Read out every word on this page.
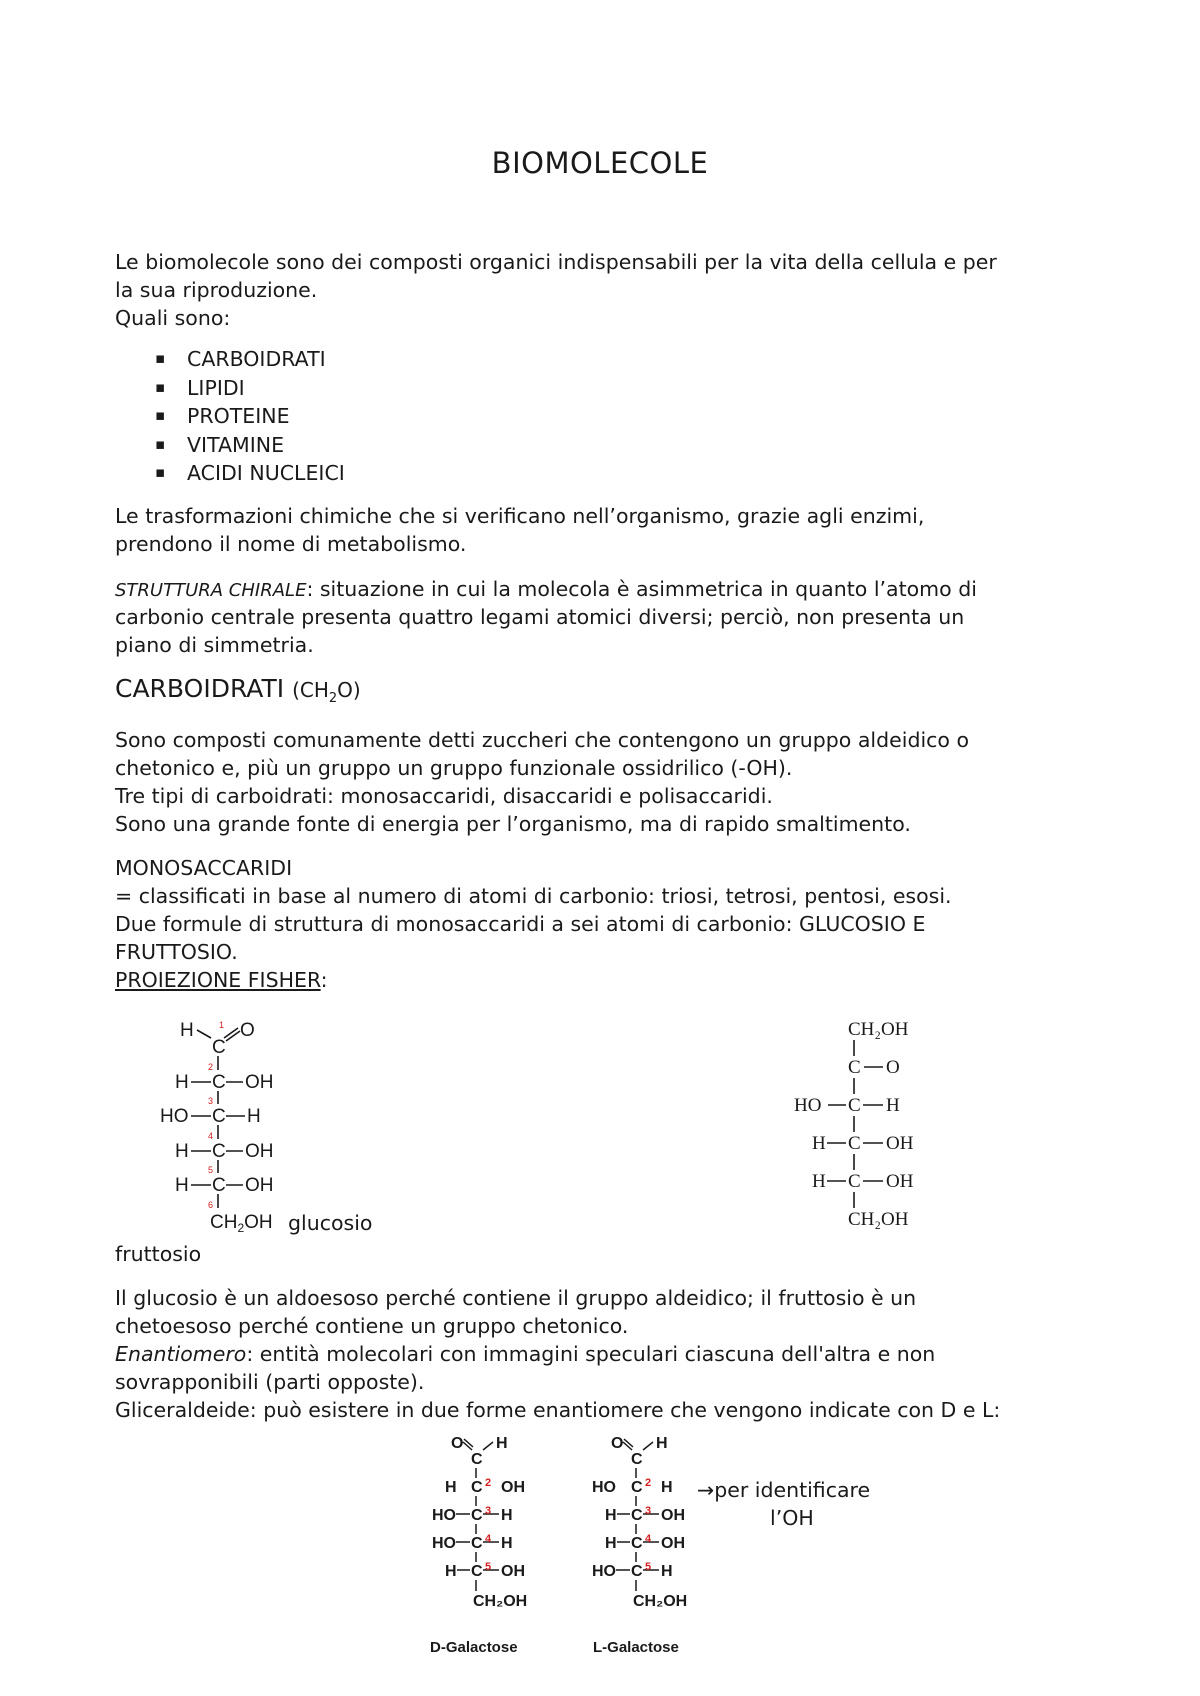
BIOMOLECOLE
Le biomolecole sono dei composti organici indispensabili per la vita della cellula e per
la sua riproduzione.
Quali sono:
▪ CARBOIDRATI
▪ LIPIDI
▪ PROTEINE
▪ VITAMINE
▪ ACIDI NUCLEICI
Le trasformazioni chimiche che si verificano nell’organismo, grazie agli enzimi,
prendono il nome di metabolismo.
STRUTTURA CHIRALE: situazione in cui la molecola è asimmetrica in quanto l’atomo di
carbonio centrale presenta quattro legami atomici diversi; perciò, non presenta un
piano di simmetria.
CARBOIDRATI $(CH_2O)$
Sono composti comunamente detti zuccheri che contengono un gruppo aldeidico o
chetonico e, più un gruppo un gruppo funzionale ossidrilico (-OH).
Tre tipi di carboidrati: monosaccaridi, disaccaridi e polisaccaridi.
Sono una grande fonte di energia per l’organismo, ma di rapido smaltimento.
MONOSACCARIDI
= classificati in base al numero di atomi di carbonio: triosi, tetrosi, pentosi, esosi.
Due formule di struttura di monosaccaridi a sei atomi di carbonio: GLUCOSIO E
FRUTTOSIO.
PROIEZIONE FISHER:
H O
C
C
H	OH
C
HO	H
C
H	OH
C
H	OH
$CH_2OH$
1
2
3
4
5
6
glucosio
fruttosio
CH₂OH
C O
C
HO	H
C
H	OH
C
H	OH
CH₂OH
Il glucosio è un aldoesoso perché contiene il gruppo aldeidico; il fruttosio è un
chetoesoso perché contiene un gruppo chetonico.
Enantiomero: entità molecolari con immagini speculari ciascuna dell'altra e non
sovrapponibili (parti opposte).
Gliceraldeide: può esistere in due forme enantiomere che vengono indicate con D e L:
O
C
H
C
H	OH
C
HO	H
C
HO	H
C
H	OH
CH₂OH
D-Galactose
2
3
4
5
O
C
H
C
HO	H
C
H	OH
C
H	OH
C
HO	H
CH₂OH
L-Galactose
2
3
4
5
→per identificare
l’OH
